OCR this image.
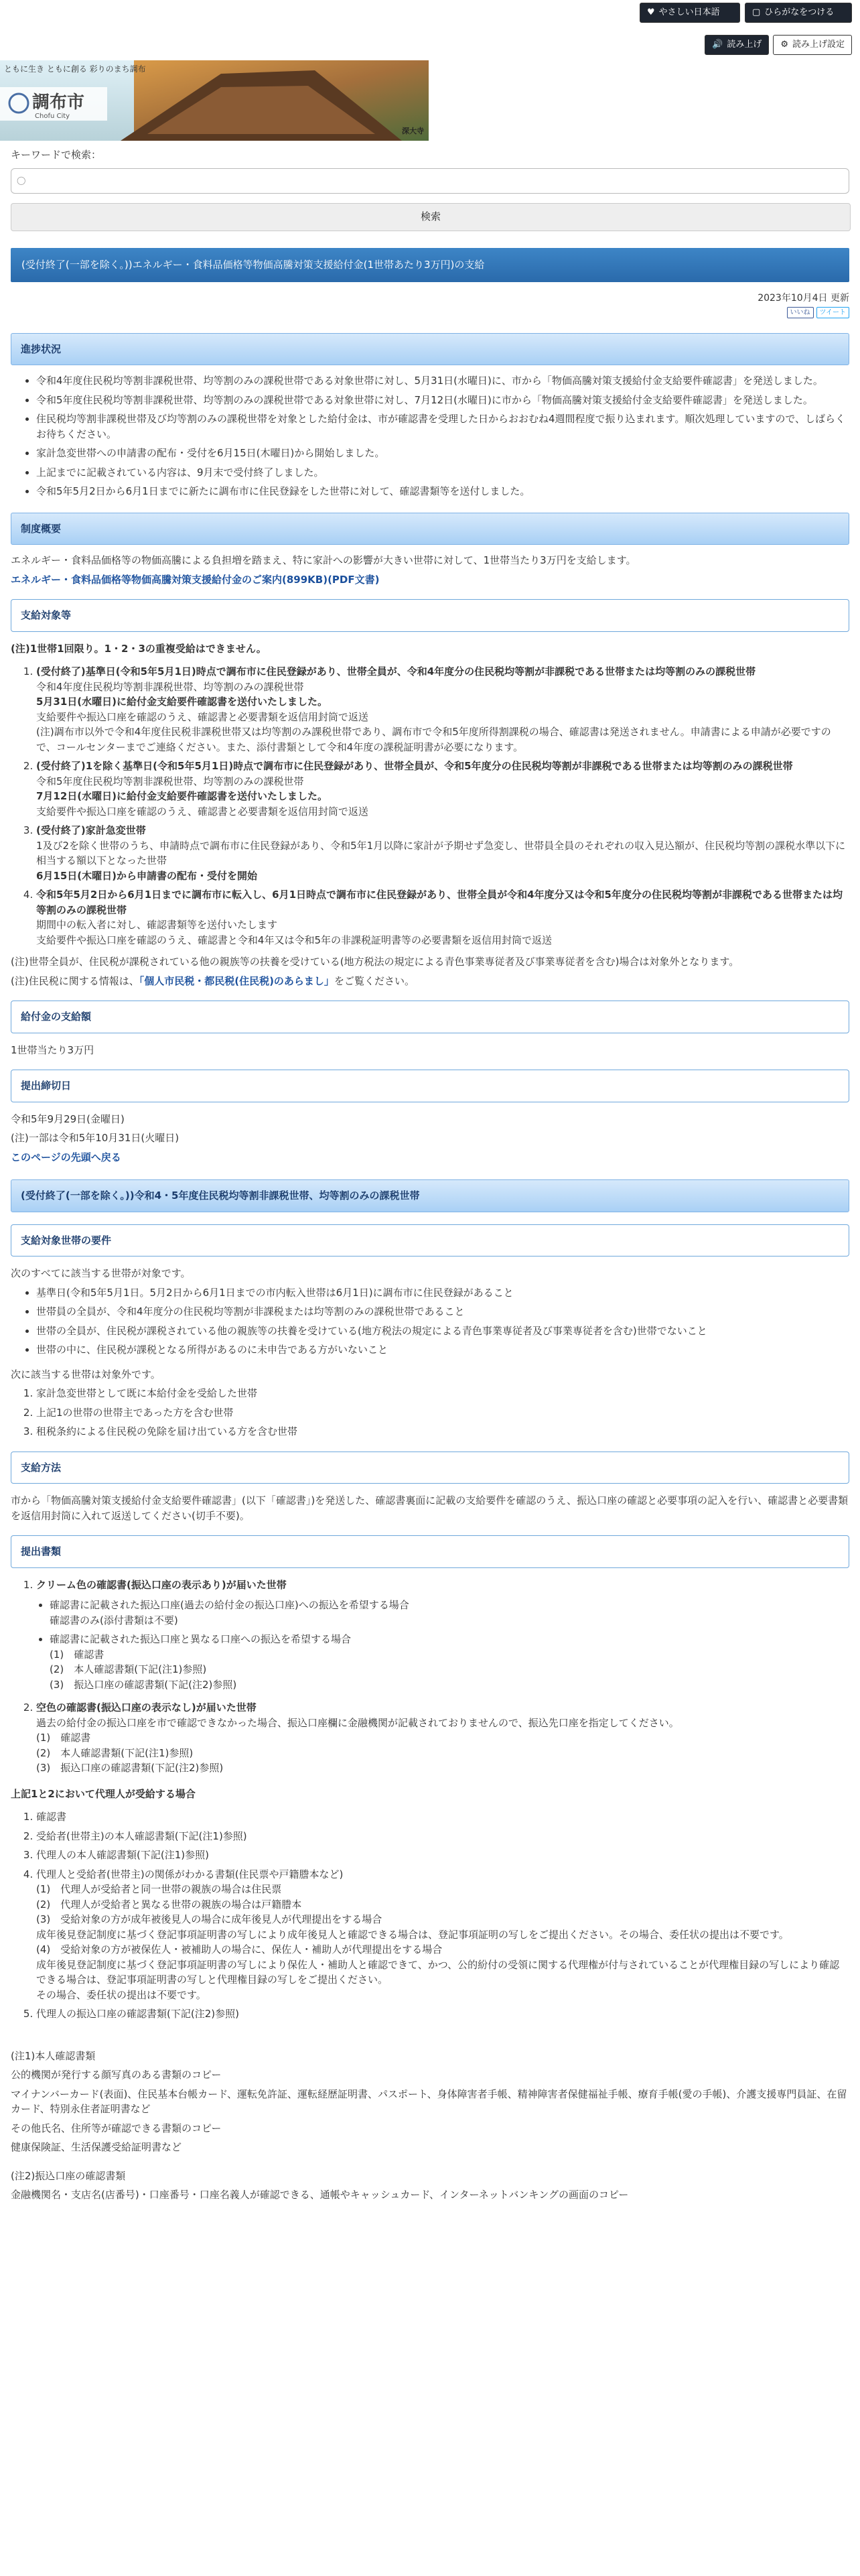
♥ やさしい日本語	▢ ひらがなをつける
🔊 読み上げ ⚙ 読み上げ設定
ともに生き ともに創る 彩りのまち調布
調布市
Chofu City
深大寺
キーワードで検索：
◯
検索
(受付終了(一部を除く。))エネルギー・食料品価格等物価高騰対策支援給付金(1世帯あたり3万円)の支給
2023年10月4日 更新
いいね	ツイート
進捗状況
• 令和4年度住民税均等割非課税世帯、均等割のみの課税世帯である対象世帯に対し、5月31日(水曜日)に、市から「物価高騰対策支援給付金支給要件確認書」を発送しました。
• 令和5年度住民税均等割非課税世帯、均等割のみの課税世帯である対象世帯に対し、7月12日(水曜日)に市から「物価高騰対策支援給付金支給要件確認書」を発送しました。
• 住民税均等割非課税世帯及び均等割のみの課税世帯を対象とした給付金は、市が確認書を受理した日からおおむね4週間程度で振り込まれます。順次処理していますので、しばらくお待ちください。
• 家計急変世帯への申請書の配布・受付を6月15日(木曜日)から開始しました。
• 上記までに記載されている内容は、9月末で受付終了しました。
• 令和5年5月2日から6月1日までに新たに調布市に住民登録をした世帯に対して、確認書類等を送付しました。
制度概要

エネルギー・食料品価格等の物価高騰による負担増を踏まえ、特に家計への影響が大きい世帯に対して、1世帯当たり3万円を支給します。

エネルギー・食料品価格等物価高騰対策支援給付金のご案内(899KB)(PDF文書)

支給対象等

(注)1世帯1回限り。1・2・3の重複受給はできません。

1. (受付終了)基準日(令和5年5月1日)時点で調布市に住民登録があり、世帯全員が、令和4年度分の住民税均等割が非課税である世帯または均等割のみの課税世帯
令和4年度住民税均等割非課税世帯、均等割のみの課税世帯
5月31日(水曜日)に給付金支給要件確認書を送付いたしました。
支給要件や振込口座を確認のうえ、確認書と必要書類を返信用封筒で返送
(注)調布市以外で令和4年度住民税非課税世帯又は均等割のみ課税世帯であり、調布市で令和5年度所得割課税の場合、確認書は発送されません。申請書による申請が必要ですので、コールセンターまでご連絡ください。また、添付書類として令和4年度の課税証明書が必要になります。
2. (受付終了)1を除く基準日(令和5年5月1日)時点で調布市に住民登録があり、世帯全員が、令和5年度分の住民税均等割が非課税である世帯または均等割のみの課税世帯
令和5年度住民税均等割非課税世帯、均等割のみの課税世帯
7月12日(水曜日)に給付金支給要件確認書を送付いたしました。
支給要件や振込口座を確認のうえ、確認書と必要書類を返信用封筒で返送
3. (受付終了)家計急変世帯
1及び2を除く世帯のうち、申請時点で調布市に住民登録があり、令和5年1月以降に家計が予期せず急変し、世帯員全員のそれぞれの収入見込額が、住民税均等割の課税水準以下に相当する額以下となった世帯
6月15日(木曜日)から申請書の配布・受付を開始
4. 令和5年5月2日から6月1日までに調布市に転入し、6月1日時点で調布市に住民登録があり、世帯全員が令和4年度分又は令和5年度分の住民税均等割が非課税である世帯または均等割のみの課税世帯
期間中の転入者に対し、確認書類等を送付いたします
支給要件や振込口座を確認のうえ、確認書と令和4年又は令和5年の非課税証明書等の必要書類を返信用封筒で返送

(注)世帯全員が、住民税が課税されている他の親族等の扶養を受けている(地方税法の規定による青色事業専従者及び事業専従者を含む)場合は対象外となります。

(注)住民税に関する情報は、「個人市民税・都民税(住民税)のあらまし」をご覧ください。

給付金の支給額

1世帯当たり3万円

提出締切日

令和5年9月29日(金曜日)

(注)一部は令和5年10月31日(火曜日)

このページの先頭へ戻る

(受付終了(一部を除く。))令和4・5年度住民税均等割非課税世帯、均等割のみの課税世帯
支給対象世帯の要件

次のすべてに該当する世帯が対象です。

• 基準日(令和5年5月1日。5月2日から6月1日までの市内転入世帯は6月1日)に調布市に住民登録があること
• 世帯員の全員が、令和4年度分の住民税均等割が非課税または均等割のみの課税世帯であること
• 世帯の全員が、住民税が課税されている他の親族等の扶養を受けている(地方税法の規定による青色事業専従者及び事業専従者を含む)世帯でないこと
• 世帯の中に、住民税が課税となる所得があるのに未申告である方がいないこと

次に該当する世帯は対象外です。

1. 家計急変世帯として既に本給付金を受給した世帯
2. 上記1の世帯の世帯主であった方を含む世帯
3. 租税条約による住民税の免除を届け出ている方を含む世帯
支給方法

市から「物価高騰対策支援給付金支給要件確認書」(以下「確認書」)を発送した、確認書裏面に記載の支給要件を確認のうえ、振込口座の確認と必要事項の記入を行い、確認書と必要書類を返信用封筒に入れて返送してください(切手不要)。

提出書類
1. クリーム色の確認書(振込口座の表示あり)が届いた世帯
• 確認書に記載された振込口座(過去の給付金の振込口座)への振込を希望する場合
確認書のみ(添付書類は不要)
• 確認書に記載された振込口座と異なる口座への振込を希望する場合
(1)　確認書
(2)　本人確認書類(下記(注1)参照)
(3)　振込口座の確認書類(下記(注2)参照)
2. 空色の確認書(振込口座の表示なし)が届いた世帯
過去の給付金の振込口座を市で確認できなかった場合、振込口座欄に金融機関が記載されておりませんので、振込先口座を指定してください。
(1)　確認書
(2)　本人確認書類(下記(注1)参照)
(3)　振込口座の確認書類(下記(注2)参照)

上記1と2において代理人が受給する場合

1. 確認書
2. 受給者(世帯主)の本人確認書類(下記(注1)参照)
3. 代理人の本人確認書類(下記(注1)参照)
4. 代理人と受給者(世帯主)の関係がわかる書類(住民票や戸籍謄本など)
(1)　代理人が受給者と同一世帯の親族の場合は住民票
(2)　代理人が受給者と異なる世帯の親族の場合は戸籍謄本
(3)　受給対象の方が成年被後見人の場合に成年後見人が代理提出をする場合
成年後見登記制度に基づく登記事項証明書の写しにより成年後見人と確認できる場合は、登記事項証明の写しをご提出ください。その場合、委任状の提出は不要です。
(4)　受給対象の方が被保佐人・被補助人の場合に、保佐人・補助人が代理提出をする場合
成年後見登記制度に基づく登記事項証明書の写しにより保佐人・補助人と確認できて、かつ、公的紛付の受領に関する代理権が付与されていることが代理権目録の写しにより確認できる場合は、登記事項証明書の写しと代理権目録の写しをご提出ください。
その場合、委任状の提出は不要です。
5. 代理人の振込口座の確認書類(下記(注2)参照)

(注1)本人確認書類

公的機関が発行する顔写真のある書類のコピー

マイナンバーカード(表面)、住民基本台帳カード、運転免許証、運転経歴証明書、パスポート、身体障害者手帳、精神障害者保健福祉手帳、療育手帳(愛の手帳)、介護支援専門員証、在留カード、特別永住者証明書など

その他氏名、住所等が確認できる書類のコピー

健康保険証、生活保護受給証明書など

(注2)振込口座の確認書類

金融機関名・支店名(店番号)・口座番号・口座名義人が確認できる、通帳やキャッシュカード、インターネットバンキングの画面のコピー
